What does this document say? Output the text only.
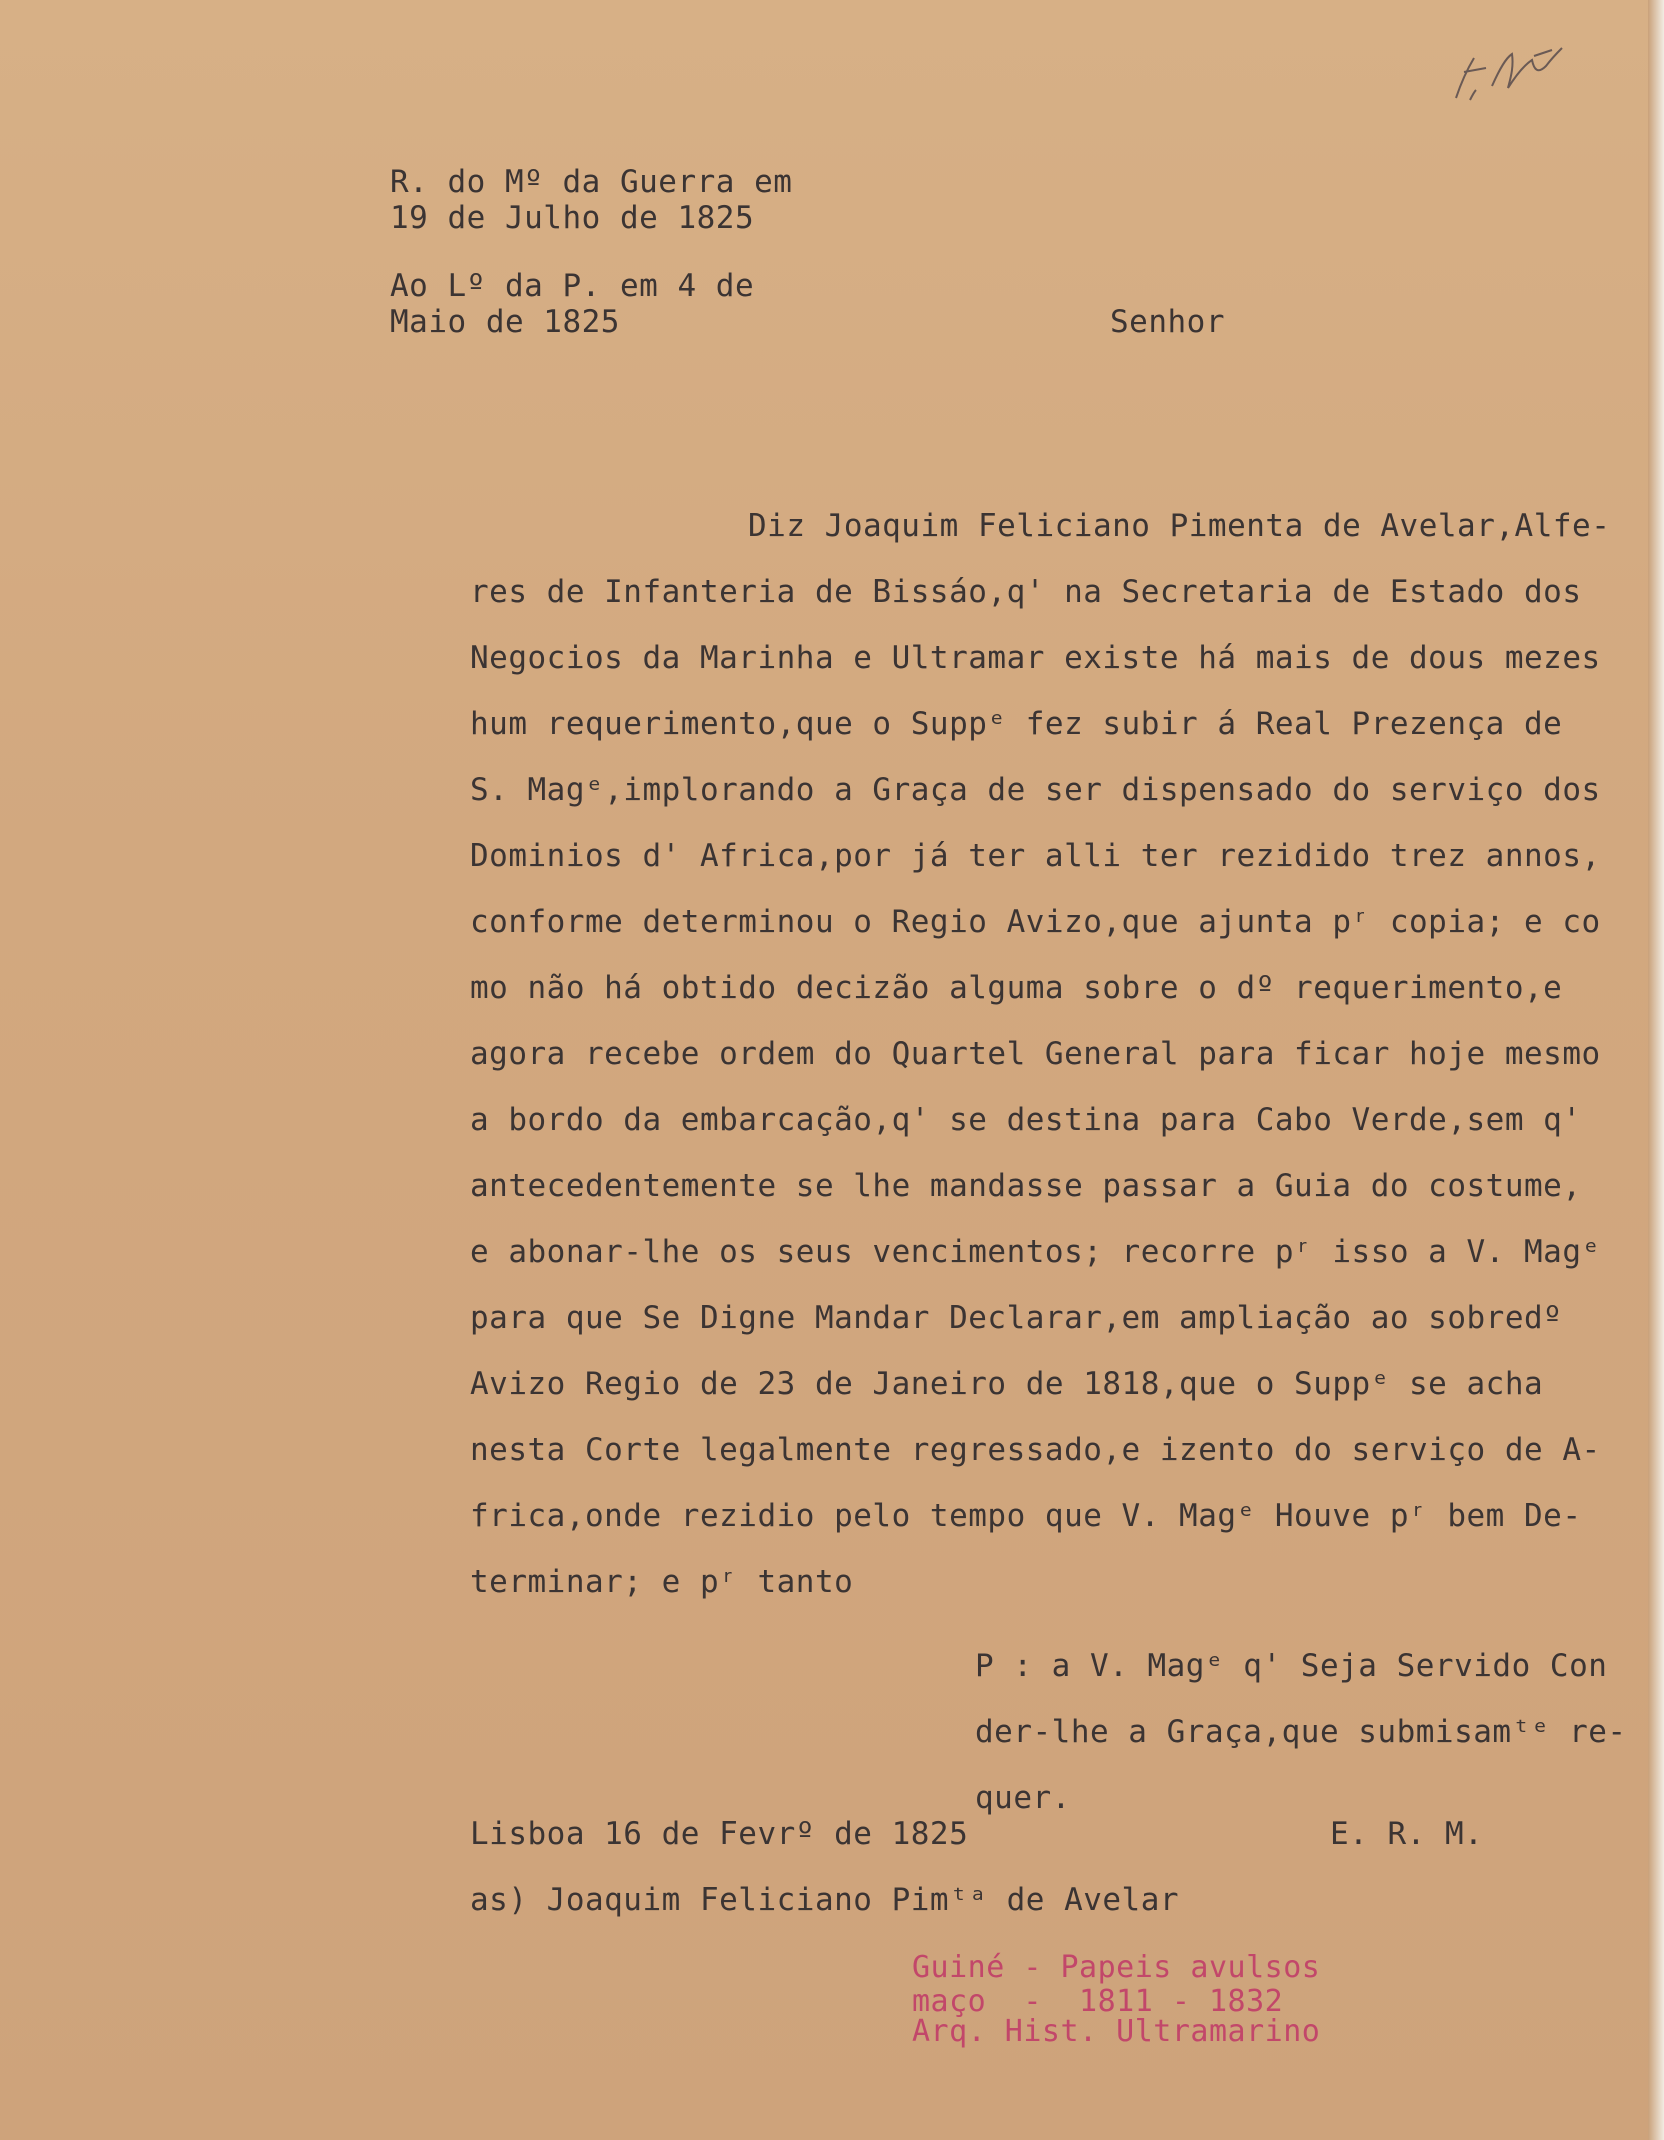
R. do Mº da Guerra em
19 de Julho de 1825
Ao Lº da P. em 4 de
Maio de 1825	Senhor
Diz Joaquim Feliciano Pimenta de Avelar,Alfe-
res de Infanteria de Bissáo,q' na Secretaria de Estado dos
Negocios da Marinha e Ultramar existe há mais de dous mezes
hum requerimento,que o Suppᵉ fez subir á Real Prezença de
S. Magᵉ,implorando a Graça de ser dispensado do serviço dos
Dominios d' Africa,por já ter alli ter rezidido trez annos,
conforme determinou o Regio Avizo,que ajunta pʳ copia; e co
mo não há obtido decizão alguma sobre o dº requerimento,e
agora recebe ordem do Quartel General para ficar hoje mesmo
a bordo da embarcação,q' se destina para Cabo Verde,sem q'
antecedentemente se lhe mandasse passar a Guia do costume,
e abonar-lhe os seus vencimentos; recorre pʳ isso a V. Magᵉ
para que Se Digne Mandar Declarar,em ampliação ao sobredº
Avizo Regio de 23 de Janeiro de 1818,que o Suppᵉ se acha
nesta Corte legalmente regressado,e izento do serviço de A-
frica,onde rezidio pelo tempo que V. Magᵉ Houve pʳ bem De-
terminar; e pʳ tanto
P : a V. Magᵉ q' Seja Servido Con
der-lhe a Graça,que submisamᵗᵉ re-
quer.
Lisboa 16 de Fevrº de 1825	E. R. M.
as) Joaquim Feliciano Pimᵗᵃ de Avelar
Guiné - Papeis avulsos
maço  -  1811 - 1832
Arq. Hist. Ultramarino
